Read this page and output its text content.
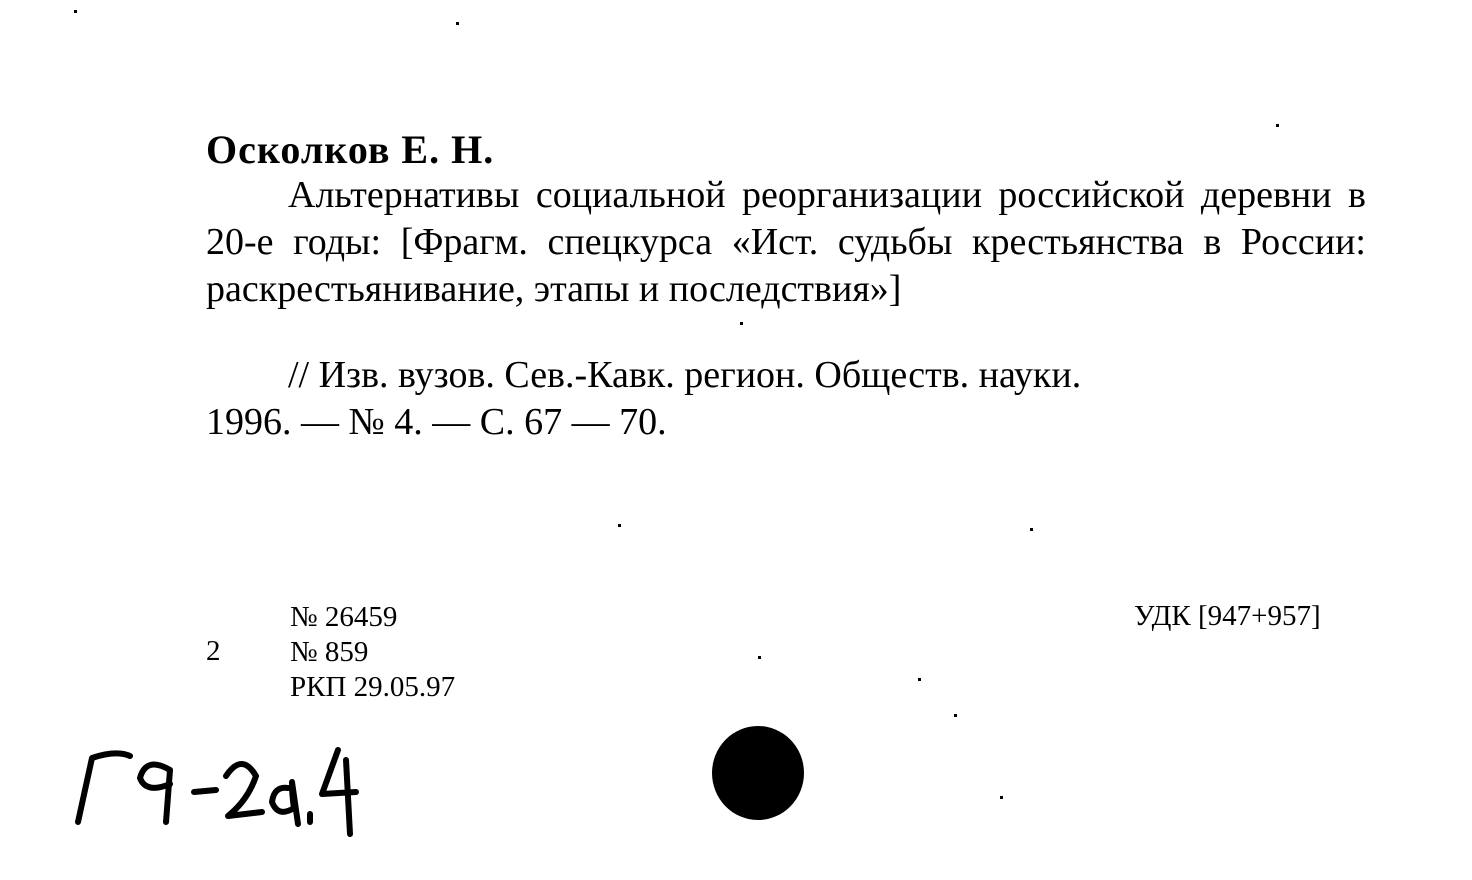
Осколков Е. Н.

Альтернативы социальной реорганизации российской деревни в 20-е годы: [Фрагм. спецкурса «Ист. судьбы крестьянства в России: раскрестьянивание, этапы и последствия»]

// Изв. вузов. Сев.-Кавк. регион. Обществ. науки.

1996. — № 4. — С. 67 — 70.

2
№ 26459
№ 859
РКП 29.05.97
УДК [947+957]
